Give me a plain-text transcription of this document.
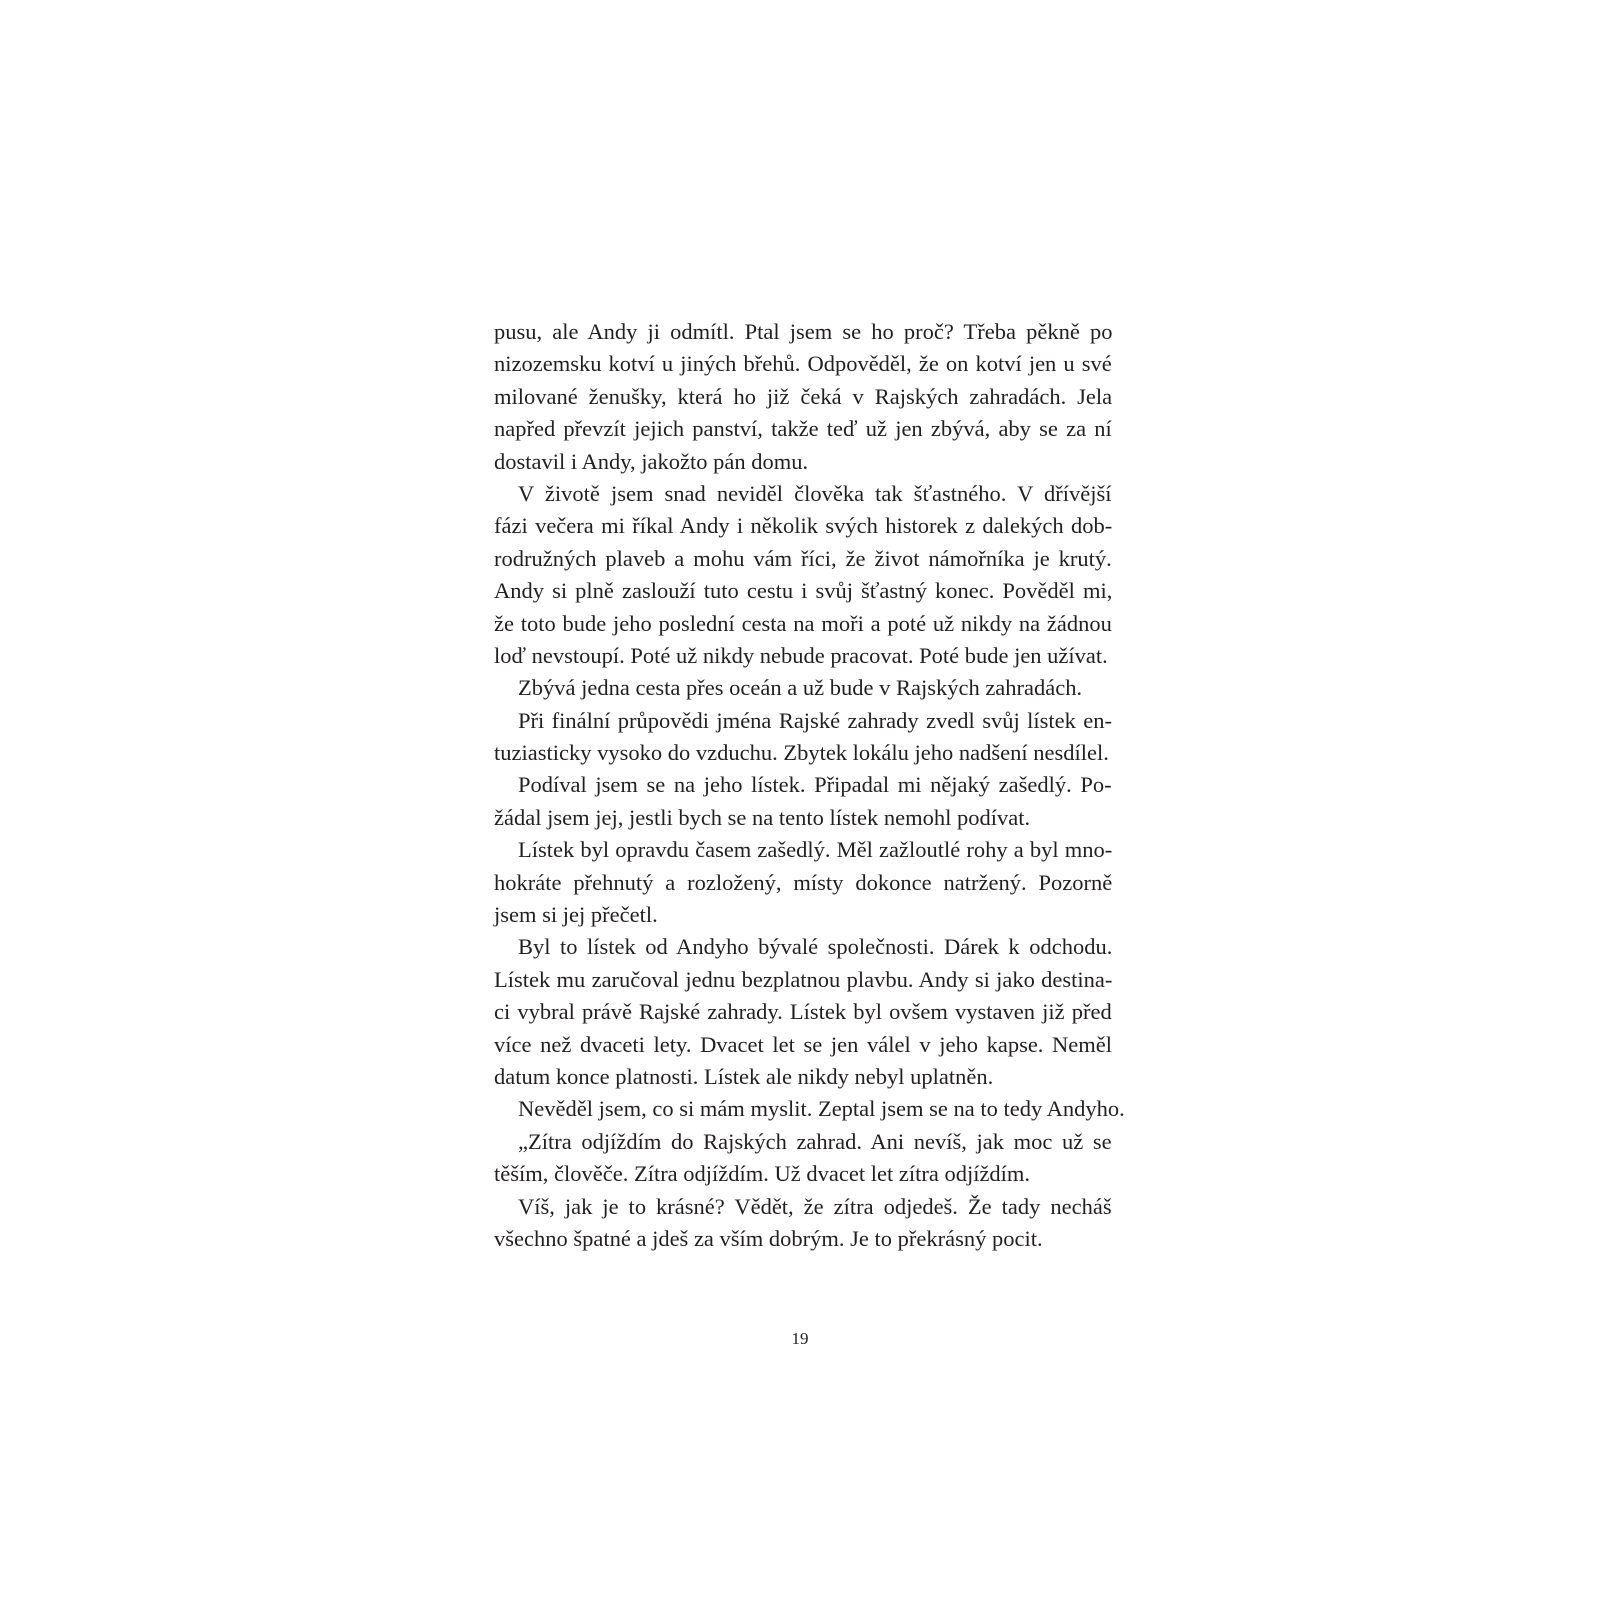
pusu, ale Andy ji odmítl. Ptal jsem se ho proč? Třeba pěkně po
nizozemsku kotví u jiných břehů. Odpověděl, že on kotví jen u své
milované ženušky, která ho již čeká v Rajských zahradách. Jela
napřed převzít jejich panství, takže teď už jen zbývá, aby se za ní
dostavil i Andy, jakožto pán domu.
V životě jsem snad neviděl člověka tak šťastného. V dřívější
fázi večera mi říkal Andy i několik svých historek z dalekých dob-
rodružných plaveb a mohu vám říci, že život námořníka je krutý.
Andy si plně zaslouží tuto cestu i svůj šťastný konec. Pověděl mi,
že toto bude jeho poslední cesta na moři a poté už nikdy na žádnou
loď nevstoupí. Poté už nikdy nebude pracovat. Poté bude jen užívat.
Zbývá jedna cesta přes oceán a už bude v Rajských zahradách.
Při finální průpovědi jména Rajské zahrady zvedl svůj lístek en-
tuziasticky vysoko do vzduchu. Zbytek lokálu jeho nadšení nesdílel.
Podíval jsem se na jeho lístek. Připadal mi nějaký zašedlý. Po-
žádal jsem jej, jestli bych se na tento lístek nemohl podívat.
Lístek byl opravdu časem zašedlý. Měl zažloutlé rohy a byl mno-
hokráte přehnutý a rozložený, místy dokonce natržený. Pozorně
jsem si jej přečetl.
Byl to lístek od Andyho bývalé společnosti. Dárek k odchodu.
Lístek mu zaručoval jednu bezplatnou plavbu. Andy si jako destina-
ci vybral právě Rajské zahrady. Lístek byl ovšem vystaven již před
více než dvaceti lety. Dvacet let se jen válel v jeho kapse. Neměl
datum konce platnosti. Lístek ale nikdy nebyl uplatněn.
Nevěděl jsem, co si mám myslit. Zeptal jsem se na to tedy Andyho.
„Zítra odjíždím do Rajských zahrad. Ani nevíš, jak moc už se
těším, člověče. Zítra odjíždím. Už dvacet let zítra odjíždím.
Víš, jak je to krásné? Vědět, že zítra odjedeš. Že tady necháš
všechno špatné a jdeš za vším dobrým. Je to překrásný pocit.
19
